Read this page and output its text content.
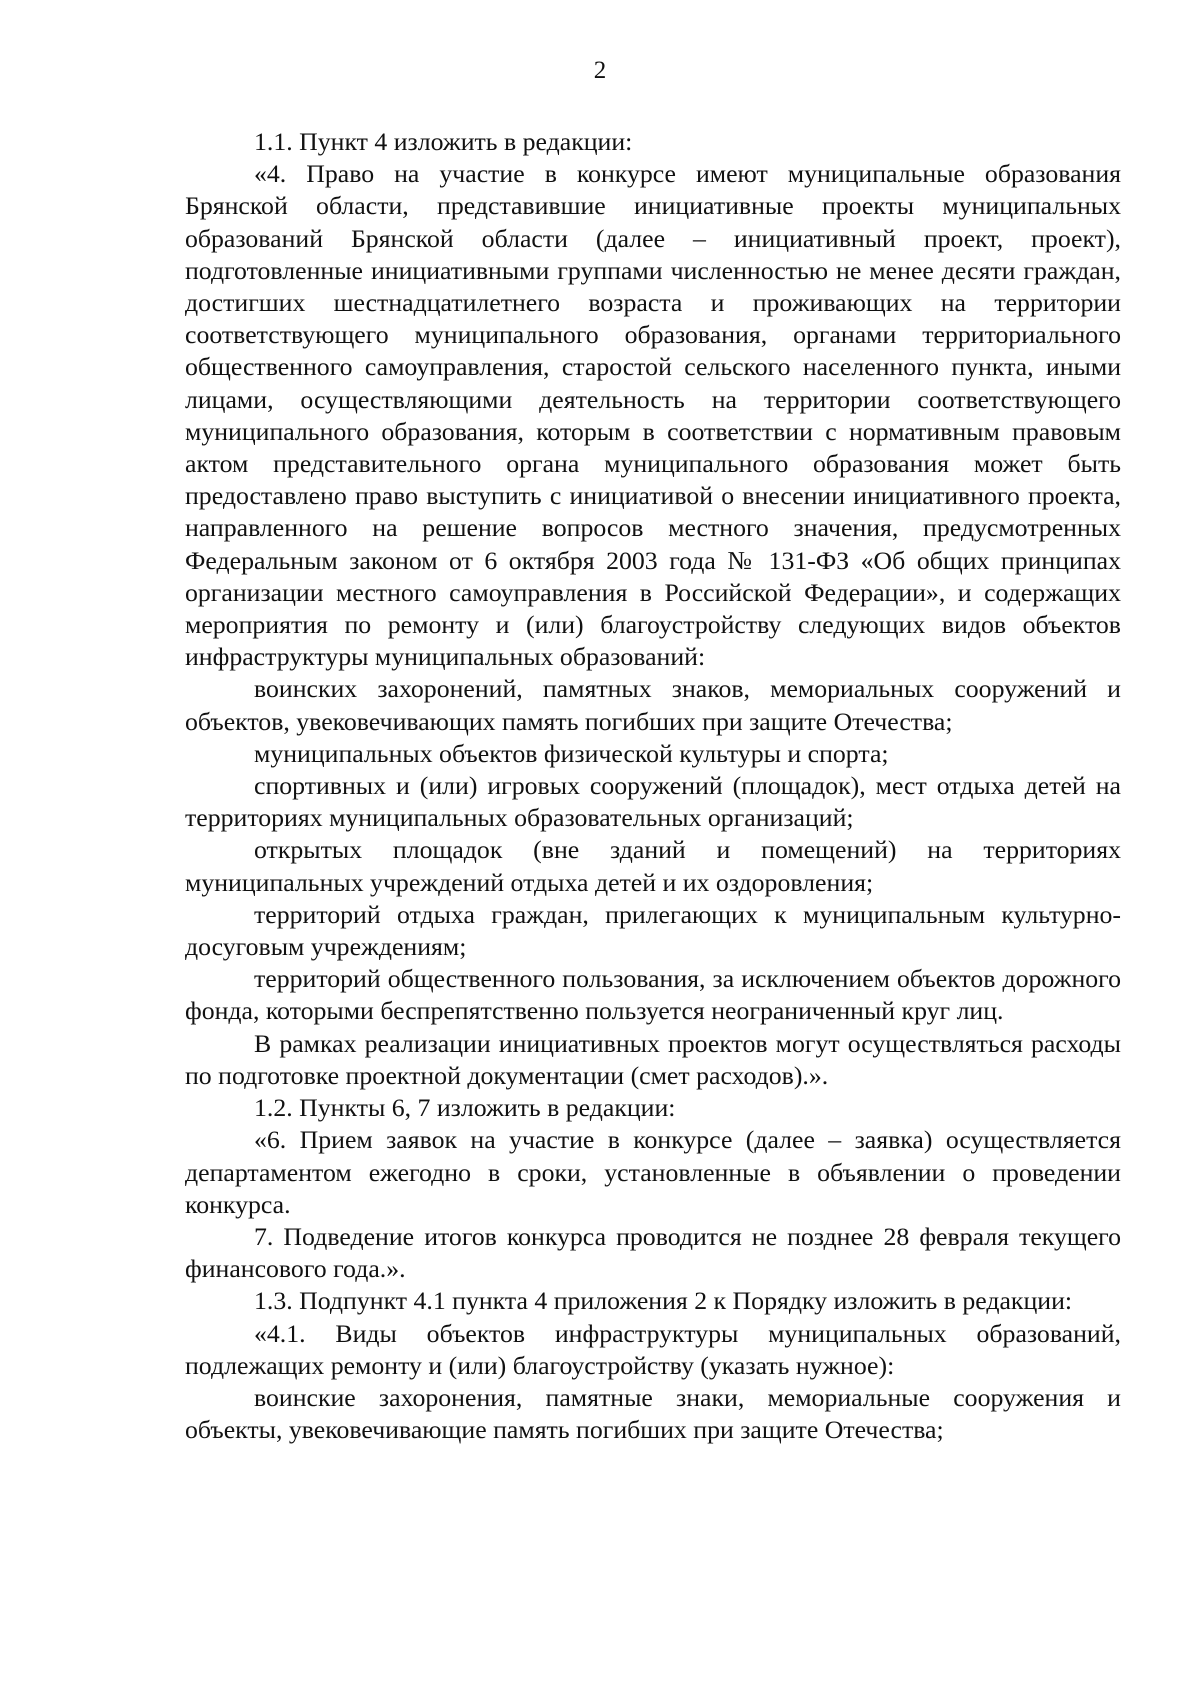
2

1.1. Пункт 4 изложить в редакции:

«4. Право на участие в конкурсе имеют муниципальные образования Брянской области, представившие инициативные проекты муниципальных образований Брянской области (далее – инициативный проект, проект), подготовленные инициативными группами численностью не менее десяти граждан, достигших шестнадцатилетнего возраста и проживающих на территории соответствующего муниципального образования, органами территориального общественного самоуправления, старостой сельского населенного пункта, иными лицами, осуществляющими деятельность на территории соответствующего муниципального образования, которым в соответствии с нормативным правовым актом представительного органа муниципального образования может быть предоставлено право выступить с инициативой о внесении инициативного проекта, направленного на решение вопросов местного значения, предусмотренных Федеральным законом от 6 октября 2003 года № 131-ФЗ «Об общих принципах организации местного самоуправления в Российской Федерации», и содержащих мероприятия по ремонту и (или) благоустройству следующих видов объектов инфраструктуры муниципальных образований:

воинских захоронений, памятных знаков, мемориальных сооружений и объектов, увековечивающих память погибших при защите Отечества;

муниципальных объектов физической культуры и спорта;

спортивных и (или) игровых сооружений (площадок), мест отдыха детей на территориях муниципальных образовательных организаций;

открытых площадок (вне зданий и помещений) на территориях муниципальных учреждений отдыха детей и их оздоровления;

территорий отдыха граждан, прилегающих к муниципальным культурно-досуговым учреждениям;

территорий общественного пользования, за исключением объектов дорожного фонда, которыми беспрепятственно пользуется неограниченный круг лиц.

В рамках реализации инициативных проектов могут осуществляться расходы по подготовке проектной документации (смет расходов).».

1.2. Пункты 6, 7 изложить в редакции:

«6. Прием заявок на участие в конкурсе (далее – заявка) осуществляется департаментом ежегодно в сроки, установленные в объявлении о проведении конкурса.

7. Подведение итогов конкурса проводится не позднее 28 февраля текущего финансового года.».

1.3. Подпункт 4.1 пункта 4 приложения 2 к Порядку изложить в редакции:

«4.1. Виды объектов инфраструктуры муниципальных образований, подлежащих ремонту и (или) благоустройству (указать нужное):

воинские захоронения, памятные знаки, мемориальные сооружения и объекты, увековечивающие память погибших при защите Отечества;
